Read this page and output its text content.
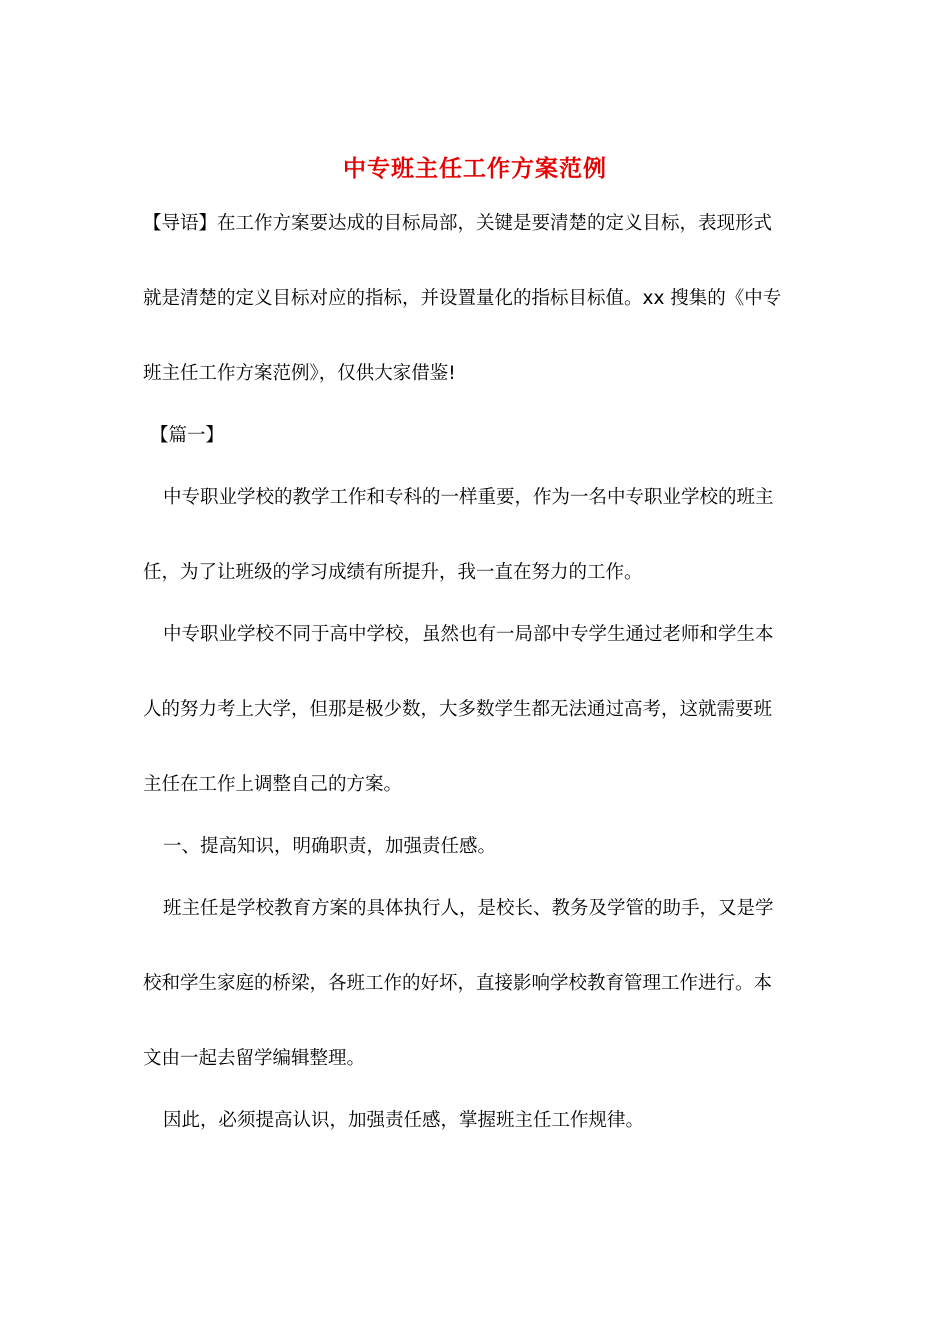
中专班主任工作方案范例
【导语】在工作方案要达成的目标局部，关键是要清楚的定义目标，表现形式
就是清楚的定义目标对应的指标，并设置量化的指标目标值。xx 搜集的《中专
班主任工作方案范例》，仅供大家借鉴!
【篇一】
中专职业学校的教学工作和专科的一样重要，作为一名中专职业学校的班主
任，为了让班级的学习成绩有所提升，我一直在努力的工作。
中专职业学校不同于高中学校，虽然也有一局部中专学生通过老师和学生本
人的努力考上大学，但那是极少数，大多数学生都无法通过高考，这就需要班
主任在工作上调整自己的方案。
一、提高知识，明确职责，加强责任感。
班主任是学校教育方案的具体执行人，是校长、教务及学管的助手，又是学
校和学生家庭的桥梁，各班工作的好坏，直接影响学校教育管理工作进行。本
文由一起去留学编辑整理。
因此，必须提高认识，加强责任感，掌握班主任工作规律。
